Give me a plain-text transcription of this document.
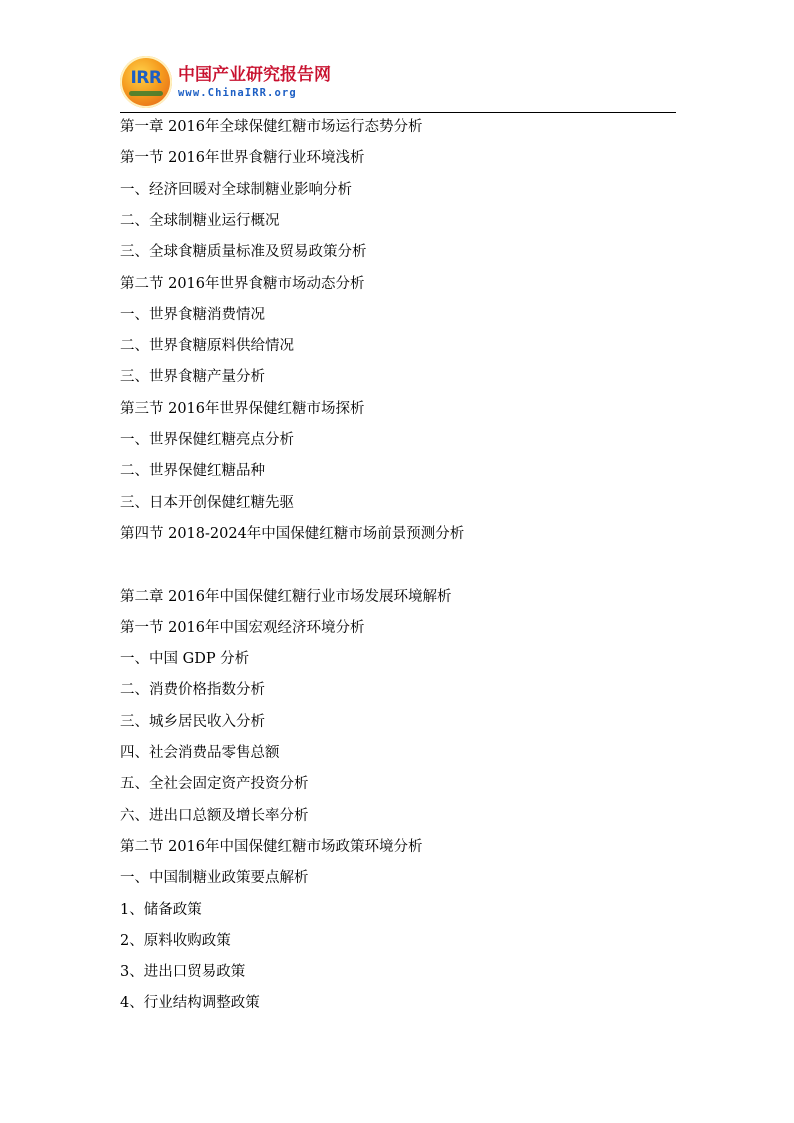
IRR 中国产业研究报告网
www.ChinaIRR.org
第一章 2016年全球保健红糖市场运行态势分析
第一节 2016年世界食糖行业环境浅析
一、经济回暖对全球制糖业影响分析
二、全球制糖业运行概况
三、全球食糖质量标准及贸易政策分析
第二节 2016年世界食糖市场动态分析
一、世界食糖消费情况
二、世界食糖原料供给情况
三、世界食糖产量分析
第三节 2016年世界保健红糖市场探析
一、世界保健红糖亮点分析
二、世界保健红糖品种
三、日本开创保健红糖先驱
第四节 2018-2024年中国保健红糖市场前景预测分析
第二章 2016年中国保健红糖行业市场发展环境解析
第一节 2016年中国宏观经济环境分析
一、中国 GDP 分析
二、消费价格指数分析
三、城乡居民收入分析
四、社会消费品零售总额
五、全社会固定资产投资分析
六、进出口总额及增长率分析
第二节 2016年中国保健红糖市场政策环境分析
一、中国制糖业政策要点解析
1、储备政策
2、原料收购政策
3、进出口贸易政策
4、行业结构调整政策
